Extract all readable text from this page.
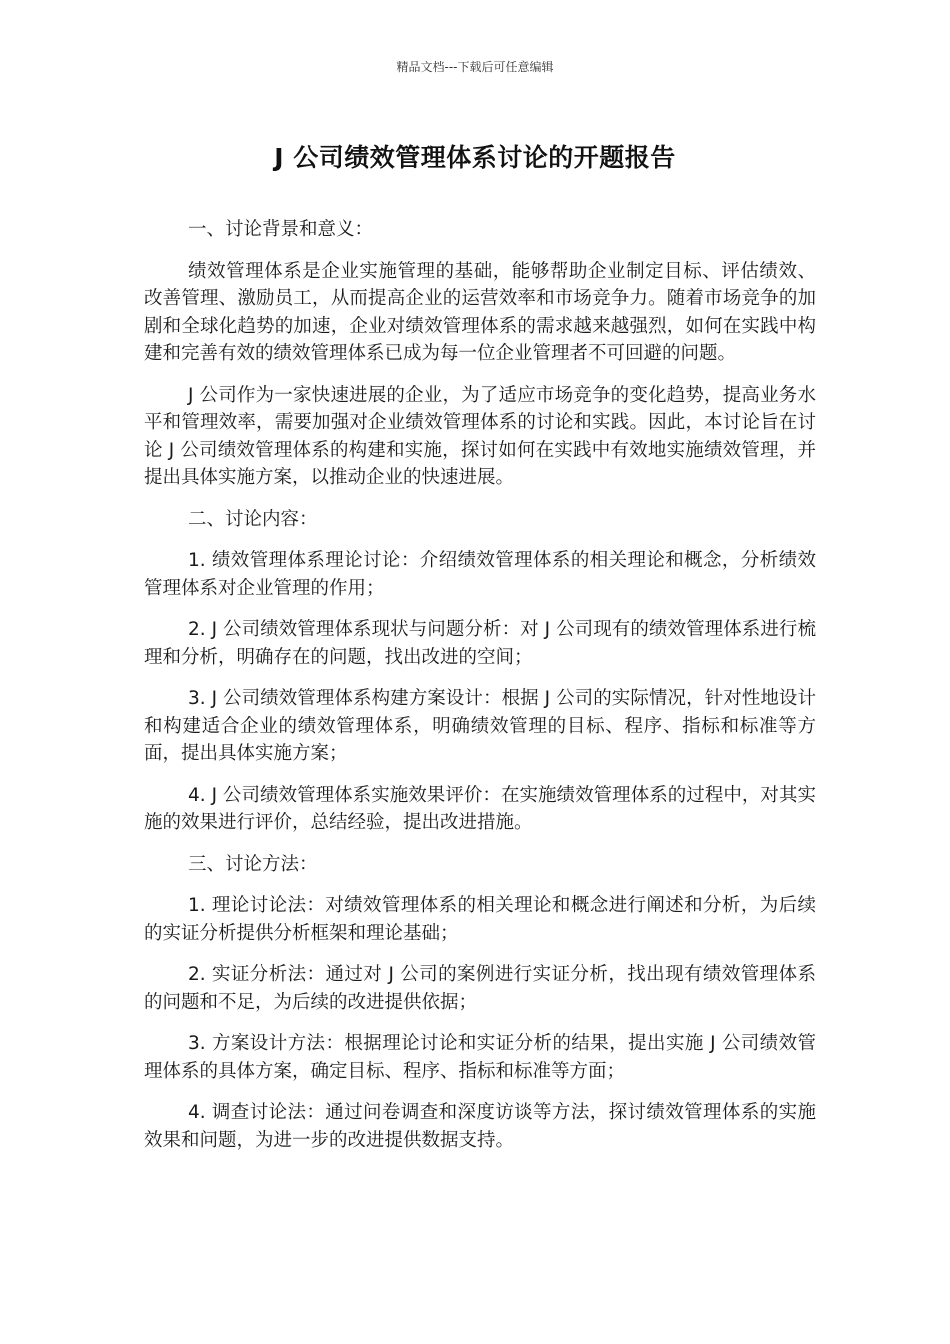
精品文档---下载后可任意编辑
J 公司绩效管理体系讨论的开题报告

一、讨论背景和意义：

绩效管理体系是企业实施管理的基础，能够帮助企业制定目标、评估绩效、改善管理、激励员工，从而提高企业的运营效率和市场竞争力。随着市场竞争的加剧和全球化趋势的加速，企业对绩效管理体系的需求越来越强烈，如何在实践中构建和完善有效的绩效管理体系已成为每一位企业管理者不可回避的问题。

J 公司作为一家快速进展的企业，为了适应市场竞争的变化趋势，提高业务水平和管理效率，需要加强对企业绩效管理体系的讨论和实践。因此，本讨论旨在讨论 J 公司绩效管理体系的构建和实施，探讨如何在实践中有效地实施绩效管理，并提出具体实施方案，以推动企业的快速进展。

二、讨论内容：

1. 绩效管理体系理论讨论：介绍绩效管理体系的相关理论和概念，分析绩效管理体系对企业管理的作用；

2. J 公司绩效管理体系现状与问题分析：对 J 公司现有的绩效管理体系进行梳理和分析，明确存在的问题，找出改进的空间；

3. J 公司绩效管理体系构建方案设计：根据 J 公司的实际情况，针对性地设计和构建适合企业的绩效管理体系，明确绩效管理的目标、程序、指标和标准等方面，提出具体实施方案；

4. J 公司绩效管理体系实施效果评价：在实施绩效管理体系的过程中，对其实施的效果进行评价，总结经验，提出改进措施。

三、讨论方法：

1. 理论讨论法：对绩效管理体系的相关理论和概念进行阐述和分析，为后续的实证分析提供分析框架和理论基础；

2. 实证分析法：通过对 J 公司的案例进行实证分析，找出现有绩效管理体系的问题和不足，为后续的改进提供依据；

3. 方案设计方法：根据理论讨论和实证分析的结果，提出实施 J 公司绩效管理体系的具体方案，确定目标、程序、指标和标准等方面；

4. 调查讨论法：通过问卷调查和深度访谈等方法，探讨绩效管理体系的实施效果和问题，为进一步的改进提供数据支持。
